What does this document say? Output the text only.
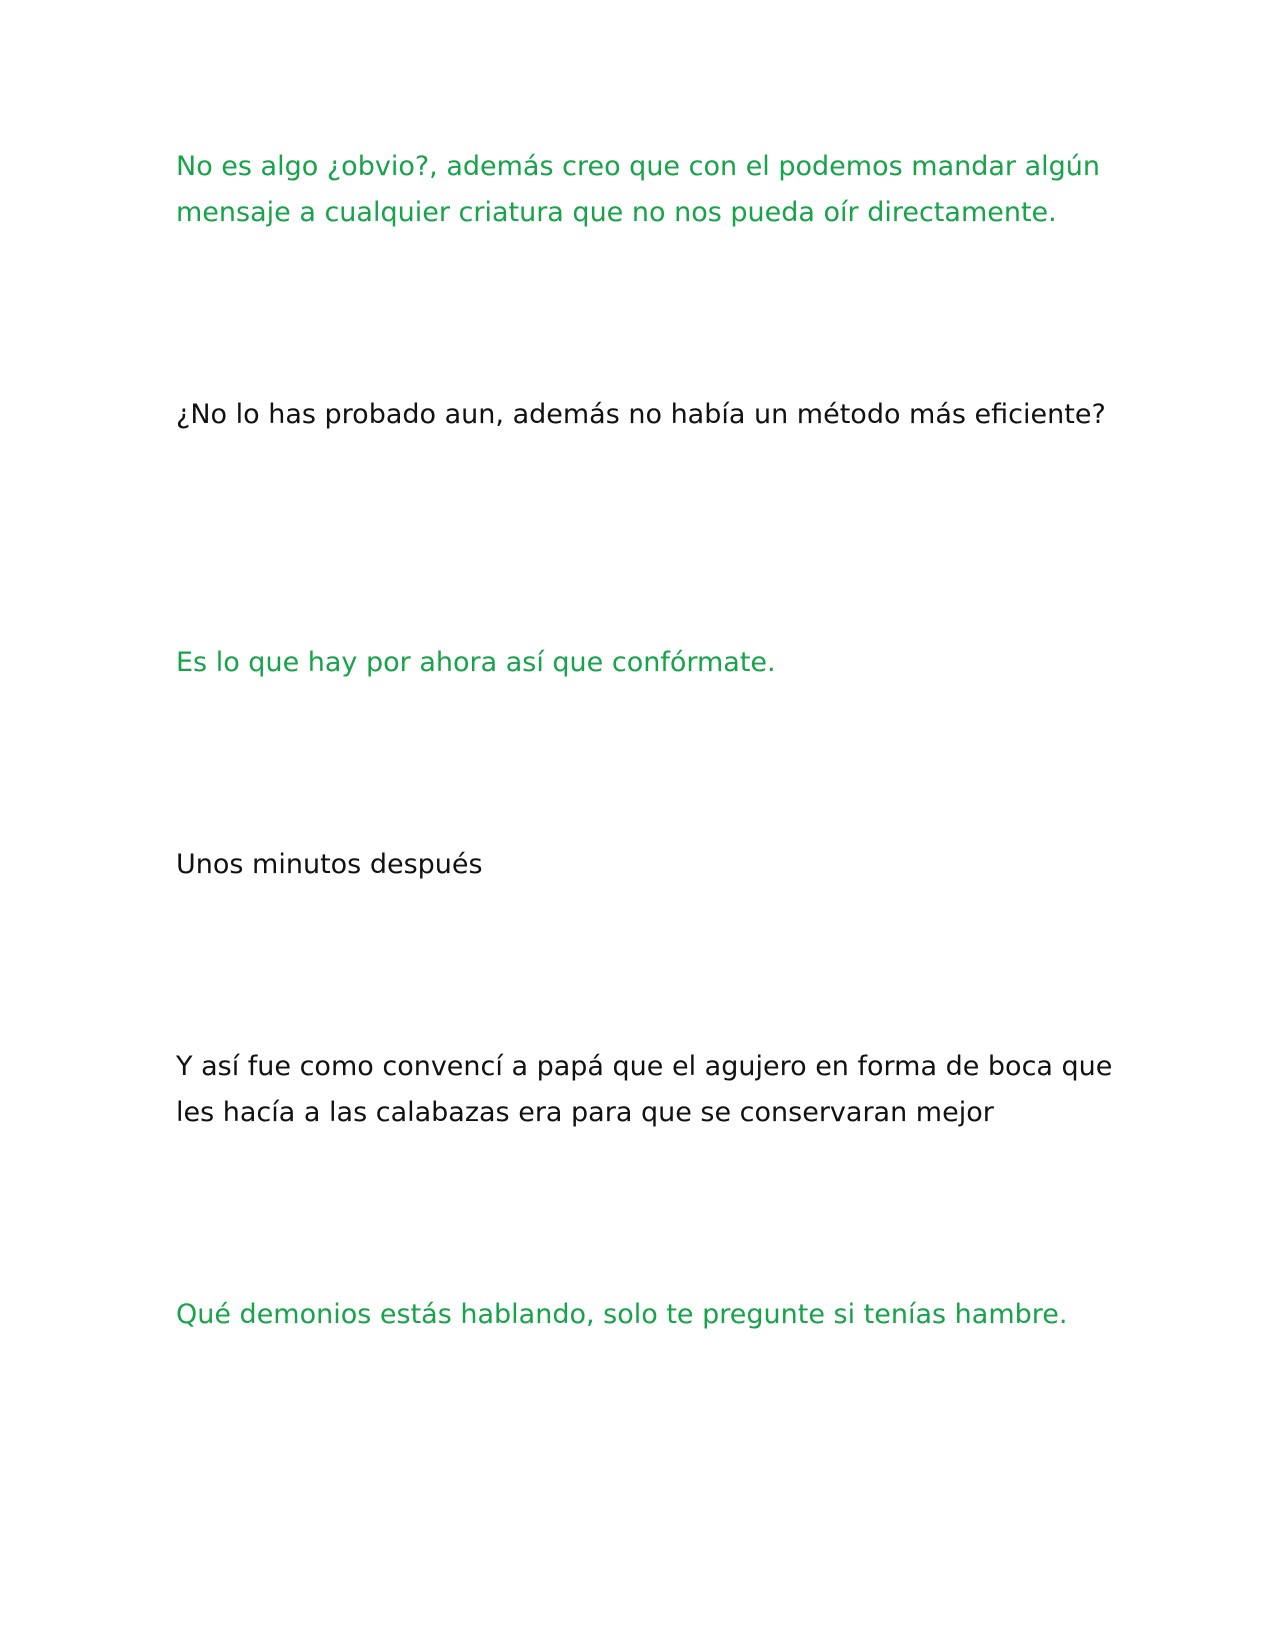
No es algo ¿obvio?, además creo que con el podemos mandar algún mensaje a cualquier criatura que no nos pueda oír directamente.

¿No lo has probado aun, además no había un método más eficiente?

Es lo que hay por ahora así que confórmate.

Unos minutos después

Y así fue como convencí a papá que el agujero en forma de boca que les hacía a las calabazas era para que se conservaran mejor

Qué demonios estás hablando, solo te pregunte si tenías hambre.
